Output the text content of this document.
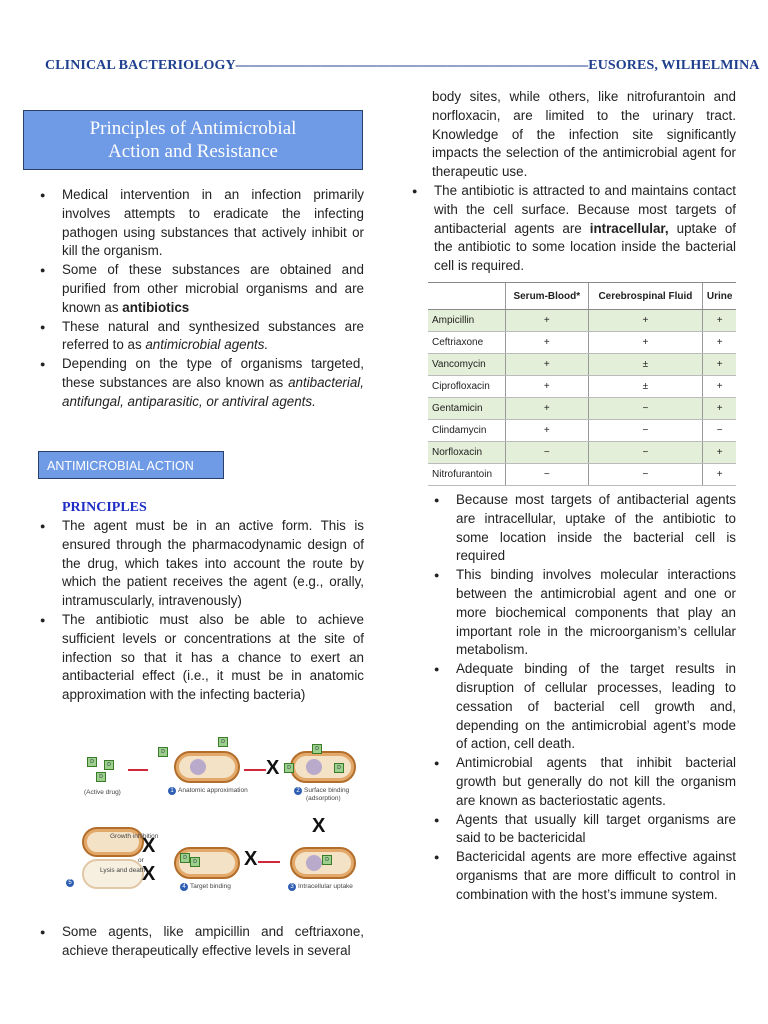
CLINICAL BACTERIOLOGY—————————————————————————EUSORES, WILHELMINA
Principles of Antimicrobial
Action and Resistance
● Medical intervention in an infection primarily involves attempts to eradicate the infecting pathogen using substances that actively inhibit or kill the organism.
● Some of these substances are obtained and purified from other microbial organisms and are known as antibiotics
● These natural and synthesized substances are referred to as antimicrobial agents.
● Depending on the type of organisms targeted, these substances are also known as antibacterial, antifungal, antiparasitic, or antiviral agents.
ANTIMICROBIAL ACTION
PRINCIPLES
● The agent must be in an active form. This is ensured through the pharmacodynamic design of the drug, which takes into account the route by which the patient receives the agent (e.g., orally, intramuscularly, intravenously)
● The antibiotic must also be able to achieve sufficient levels or concentrations at the site of infection so that it has a chance to exert an antibacterial effect (i.e., it must be in anatomic approximation with the infecting bacteria)
D	D
D
(Active drug)
D
D
1 Anatomic approximation
X	D
D
D
2 Surface binding
(adsorption)
X
D
3 Intracellular uptake
X
D
D
4 Target binding
Growth inhibition
or
Lysis and death
X
X
5
● Some agents, like ampicillin and ceftriaxone, achieve therapeutically effective levels in several
body sites, while others, like nitrofurantoin and norfloxacin, are limited to the urinary tract. Knowledge of the infection site significantly impacts the selection of the antimicrobial agent for therapeutic use.
● The antibiotic is attracted to and maintains contact with the cell surface. Because most targets of antibacterial agents are intracellular, uptake of the antibiotic to some location inside the bacterial cell is required.
	Serum-Blood*	Cerebrospinal Fluid	Urine
Ampicillin	+	+	+
Ceftriaxone	+	+	+
Vancomycin	+	±	+
Ciprofloxacin	+	±	+
Gentamicin	+	−	+
Clindamycin	+	−	−
Norfloxacin	−	−	+
Nitrofurantoin	−	−	+
● Because most targets of antibacterial agents are intracellular, uptake of the antibiotic to some location inside the bacterial cell is required
● This binding involves molecular interactions between the antimicrobial agent and one or more biochemical components that play an important role in the microorganism’s cellular metabolism.
● Adequate binding of the target results in disruption of cellular processes, leading to cessation of bacterial cell growth and, depending on the antimicrobial agent’s mode of action, cell death.
● Antimicrobial agents that inhibit bacterial growth but generally do not kill the organism are known as bacteriostatic agents.
● Agents that usually kill target organisms are said to be bactericidal
● Bactericidal agents are more effective against organisms that are more difficult to control in combination with the host’s immune system.
